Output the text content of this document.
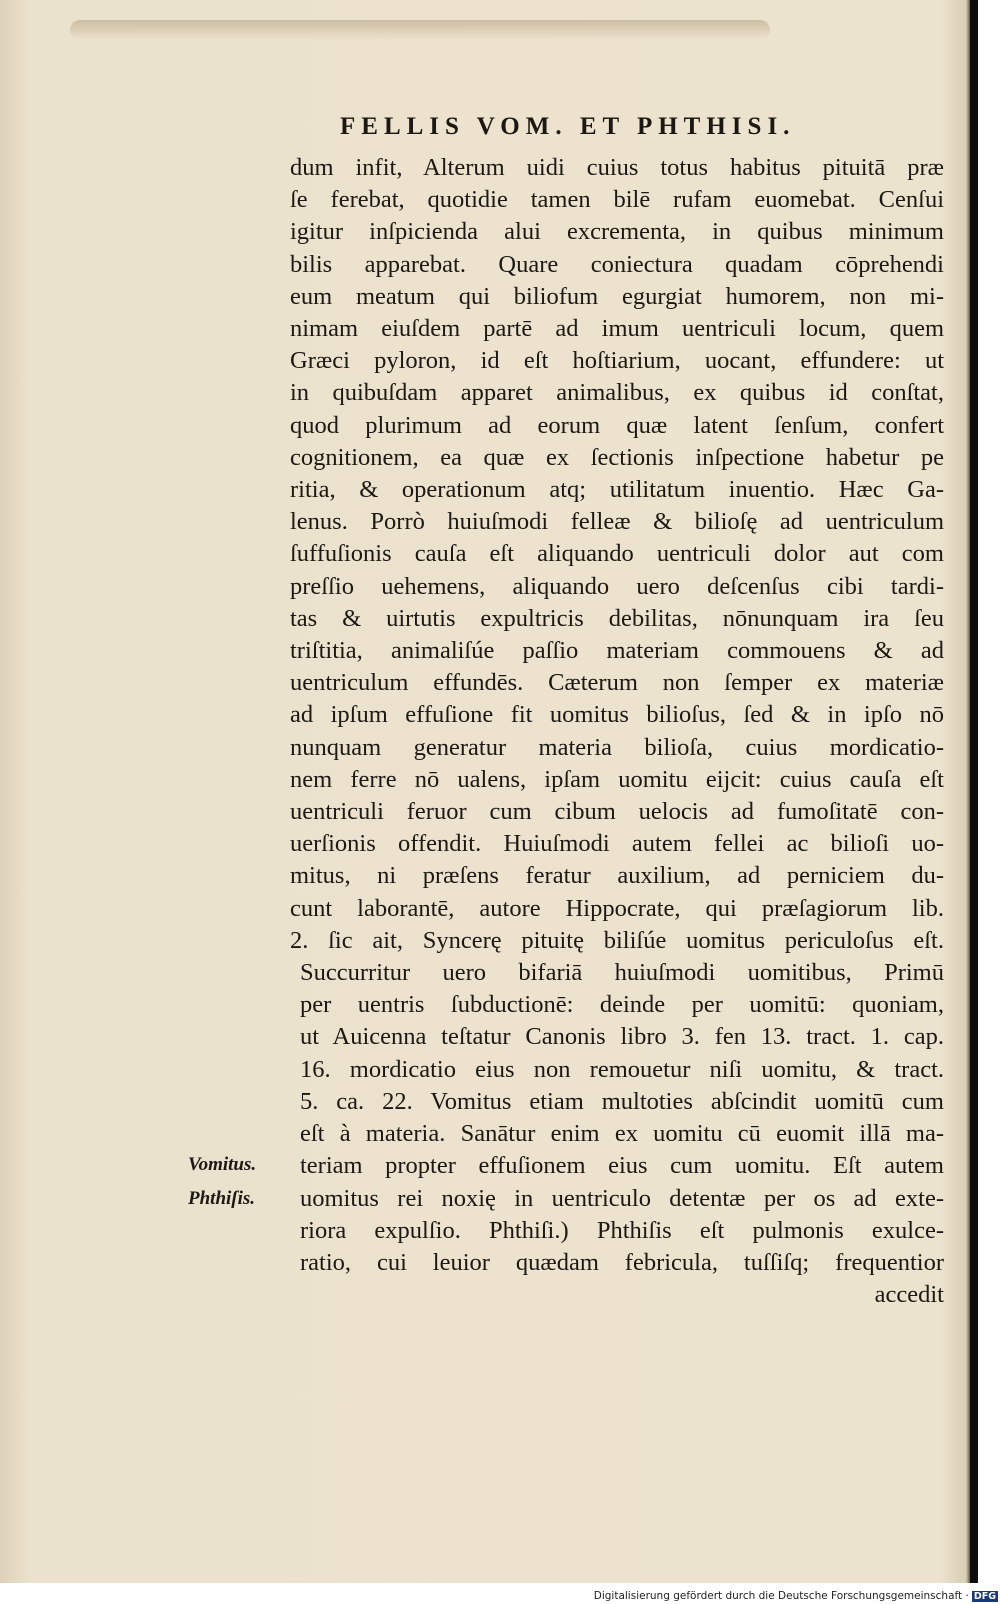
FELLIS VOM. ET PHTHISI.
dum infit, Alterum uidi cuius totus habitus pituitā præ
ſe ferebat, quotidie tamen bilē rufam euomebat. Cenſui
igitur inſpicienda alui excrementa, in quibus minimum
bilis apparebat. Quare coniectura quadam cōprehendi
eum meatum qui biliofum egurgiat humorem, non mi-
nimam eiuſdem partē ad imum uentriculi locum, quem
Græci pyloron, id eſt hoſtiarium, uocant, effundere: ut
in quibuſdam apparet animalibus, ex quibus id conſtat,
quod plurimum ad eorum quæ latent ſenſum, confert
cognitionem, ea quæ ex ſectionis inſpectione habetur pe
ritia, & operationum atq; utilitatum inuentio. Hæc Ga-
lenus. Porrò huiuſmodi felleæ & bilioſę ad uentriculum
ſuffuſionis cauſa eſt aliquando uentriculi dolor aut com
preſſio uehemens, aliquando uero deſcenſus cibi tardi-
tas & uirtutis expultricis debilitas, nōnunquam ira ſeu
triſtitia, animaliſúe paſſio materiam commouens & ad
uentriculum effundēs. Cæterum non ſemper ex materiæ
ad ipſum effuſione fit uomitus bilioſus, ſed & in ipſo nō
nunquam generatur materia bilioſa, cuius mordicatio-
nem ferre nō ualens, ipſam uomitu eijcit: cuius cauſa eſt
uentriculi feruor cum cibum uelocis ad fumoſitatē con-
uerſionis offendit. Huiuſmodi autem fellei ac bilioſi uo-
mitus, ni præſens feratur auxilium, ad perniciem du-
cunt laborantē, autore Hippocrate, qui præſagiorum lib.
2. ſic ait, Syncerę pituitę biliſúe uomitus periculoſus eſt.
Succurritur uero bifariā huiuſmodi uomitibus, Primū
per uentris ſubductionē: deinde per uomitū: quoniam,
ut Auicenna teſtatur Canonis libro 3. fen 13. tract. 1. cap.
16. mordicatio eius non remouetur niſi uomitu, & tract.
5. ca. 22. Vomitus etiam multoties abſcindit uomitū cum
eſt à materia. Sanātur enim ex uomitu cū euomit illā ma-
teriam propter effuſionem eius cum uomitu. Eſt autem
uomitus rei noxię in uentriculo detentæ per os ad exte-
riora expulſio. Phthiſi.) Phthiſis eſt pulmonis exulce-
ratio, cui leuior quædam febricula, tuſſiſq; frequentior
accedit
Vomitus.
Phthiſis.
Digitalisierung gefördert durch die Deutsche Forschungsgemeinschaft · DFG
